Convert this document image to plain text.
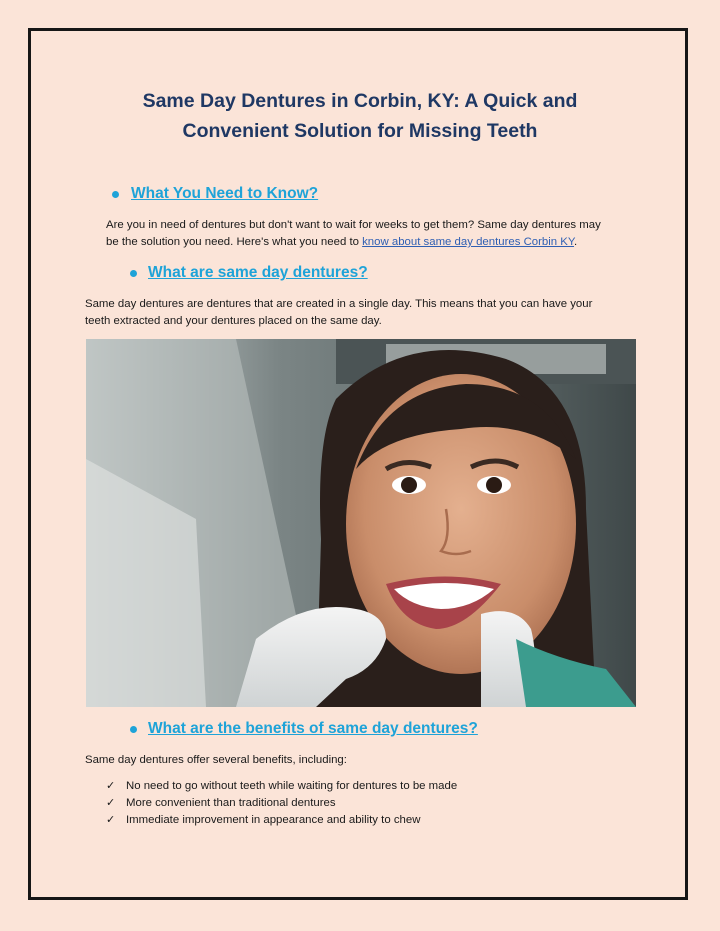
Same Day Dentures in Corbin, KY: A Quick and
Convenient Solution for Missing Teeth
What You Need to Know?
Are you in need of dentures but don't want to wait for weeks to get them? Same day dentures may
be the solution you need. Here's what you need to know about same day dentures Corbin KY.
What are same day dentures?
Same day dentures are dentures that are created in a single day. This means that you can have your
teeth extracted and your dentures placed on the same day.
What are the benefits of same day dentures?
Same day dentures offer several benefits, including:
✓ No need to go without teeth while waiting for dentures to be made
✓ More convenient than traditional dentures
✓ Immediate improvement in appearance and ability to chew
